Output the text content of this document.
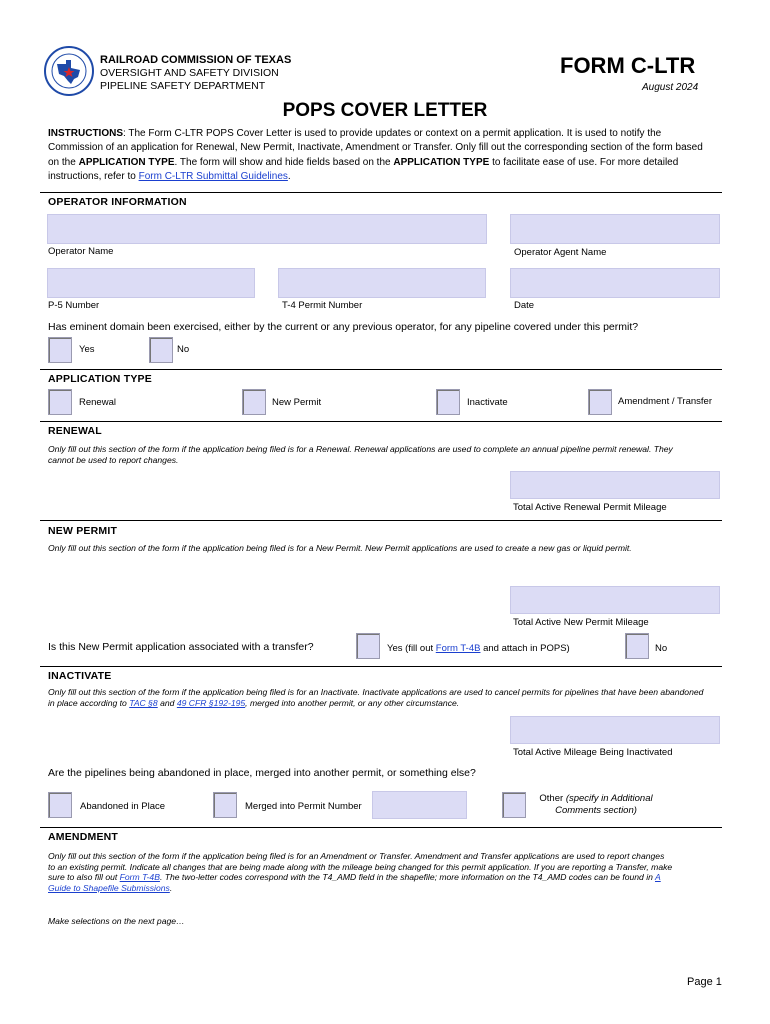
RAILROAD COMMISSION OF TEXAS
OVERSIGHT AND SAFETY DIVISION
PIPELINE SAFETY DEPARTMENT
FORM C-LTR
August 2024
POPS COVER LETTER
INSTRUCTIONS: The Form C-LTR POPS Cover Letter is used to provide updates or context on a permit application. It is used to notify the Commission of an application for Renewal, New Permit, Inactivate, Amendment or Transfer. Only fill out the corresponding section of the form based on the APPLICATION TYPE. The form will show and hide fields based on the APPLICATION TYPE to facilitate ease of use. For more detailed instructions, refer to Form C-LTR Submittal Guidelines.
OPERATOR INFORMATION
Operator Name	Operator Agent Name
P-5 Number	T-4 Permit Number	Date
Has eminent domain been exercised, either by the current or any previous operator, for any pipeline covered under this permit?
Yes	No
APPLICATION TYPE
Renewal	New Permit	Inactivate	Amendment / Transfer
RENEWAL
Only fill out this section of the form if the application being filed is for a Renewal. Renewal applications are used to complete an annual pipeline permit renewal. They cannot be used to report changes.
Total Active Renewal Permit Mileage
NEW PERMIT
Only fill out this section of the form if the application being filed is for a New Permit. New Permit applications are used to create a new gas or liquid permit.
Total Active New Permit Mileage
Is this New Permit application associated with a transfer?	Yes (fill out Form T-4B and attach in POPS)	No
INACTIVATE
Only fill out this section of the form if the application being filed is for an Inactivate. Inactivate applications are used to cancel permits for pipelines that have been abandoned in place according to TAC §8 and 49 CFR §192-195, merged into another permit, or any other circumstance.
Total Active Mileage Being Inactivated
Are the pipelines being abandoned in place, merged into another permit, or something else?
Abandoned in Place	Merged into Permit Number
Other (specify in Additional Comments section)
AMENDMENT
Only fill out this section of the form if the application being filed is for an Amendment or Transfer. Amendment and Transfer applications are used to report changes to an existing permit. Indicate all changes that are being made along with the mileage being changed for this permit application. If you are reporting a Transfer, make sure to also fill out Form T-4B. The two-letter codes correspond with the T4_AMD field in the shapefile; more information on the T4_AMD codes can be found in A Guide to Shapefile Submissions.
Make selections on the next page…
Page 1
